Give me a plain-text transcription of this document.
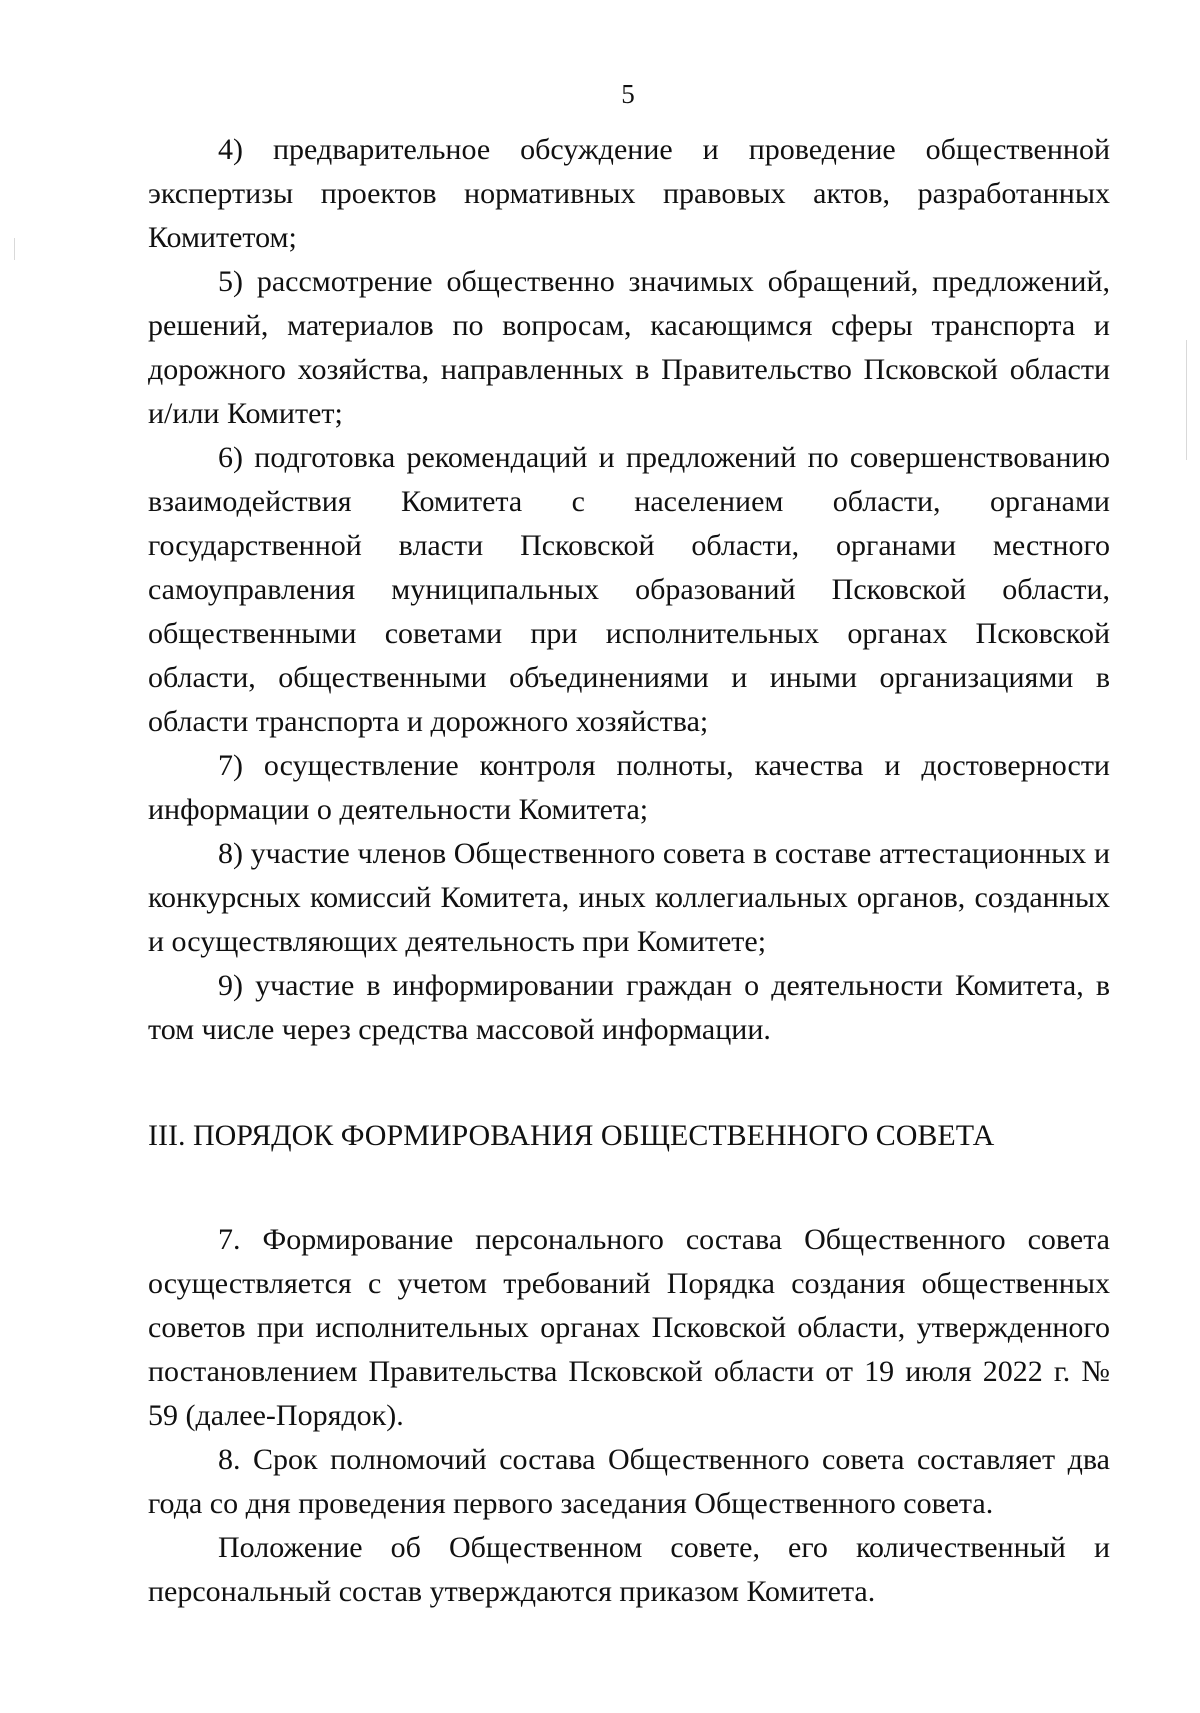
5

4) предварительное обсуждение и проведение общественной экспертизы проектов нормативных правовых актов, разработанных Комитетом;

5) рассмотрение общественно значимых обращений, предложений, решений, материалов по вопросам, касающимся сферы транспорта и дорожного хозяйства, направленных в Правительство Псковской области и/или Комитет;

6) подготовка рекомендаций и предложений по совершенствованию взаимодействия Комитета с населением области, органами государственной власти Псковской области, органами местного самоуправления муниципальных образований Псковской области, общественными советами при исполнительных органах Псковской области, общественными объединениями и иными организациями в области транспорта и дорожного хозяйства;

7) осуществление контроля полноты, качества и достоверности информации о деятельности Комитета;

8) участие членов Общественного совета в составе аттестационных и конкурсных комиссий Комитета, иных коллегиальных органов, созданных и осуществляющих деятельность при Комитете;

9) участие в информировании граждан о деятельности Комитета, в том числе через средства массовой информации.

III. ПОРЯДОК ФОРМИРОВАНИЯ ОБЩЕСТВЕННОГО СОВЕТА

7. Формирование персонального состава Общественного совета осуществляется с учетом требований Порядка создания общественных советов при исполнительных органах Псковской области, утвержденного постановлением Правительства Псковской области от 19 июля 2022 г. № 59 (далее-Порядок).

8. Срок полномочий состава Общественного совета составляет два года со дня проведения первого заседания Общественного совета.

Положение об Общественном совете, его количественный и персональный состав утверждаются приказом Комитета.
